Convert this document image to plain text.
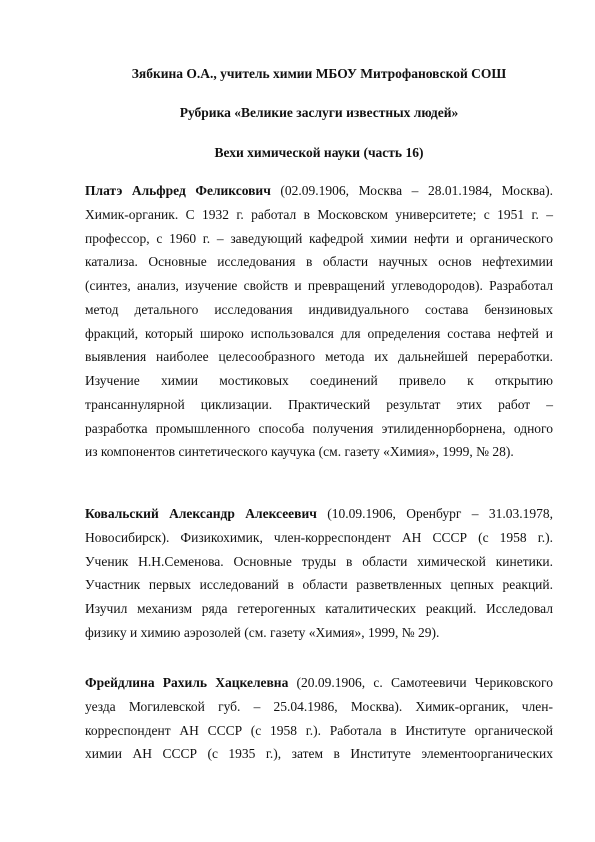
Зябкина О.А., учитель химии МБОУ Митрофановской СОШ
Рубрика «Великие заслуги известных людей»
Вехи химической науки (часть 16)
Платэ Альфред Феликсович (02.09.1906, Москва – 28.01.1984, Москва).
Химик-органик. С 1932 г. работал в Московском университете; с 1951 г. –
профессор, с 1960 г. – заведующий кафедрой химии нефти и органического
катализа. Основные исследования в области научных основ нефтехимии
(синтез, анализ, изучение свойств и превращений углеводородов). Разработал
метод детального исследования индивидуального состава бензиновых
фракций, который широко использовался для определения состава нефтей и
выявления наиболее целесообразного метода их дальнейшей переработки.
Изучение химии мостиковых соединений привело к открытию
трансаннулярной циклизации. Практический результат этих работ –
разработка промышленного способа получения этилиденнорборнена, одного
из компонентов синтетического каучука (см. газету «Химия», 1999, № 28).
Ковальский Александр Алексеевич (10.09.1906, Оренбург – 31.03.1978,
Новосибирск). Физикохимик, член-корреспондент АН СССР (с 1958 г.).
Ученик Н.Н.Семенова. Основные труды в области химической кинетики.
Участник первых исследований в области разветвленных цепных реакций.
Изучил механизм ряда гетерогенных каталитических реакций. Исследовал
физику и химию аэрозолей (см. газету «Химия», 1999, № 29).
Фрейдлина Рахиль Хацкелевна (20.09.1906, с. Самотеевичи Чериковского
уезда Могилевской губ. – 25.04.1986, Москва). Химик-органик, член-
корреспондент АН СССР (с 1958 г.). Работала в Институте органической
химии АН СССР (с 1935 г.), затем в Институте элементоорганических
